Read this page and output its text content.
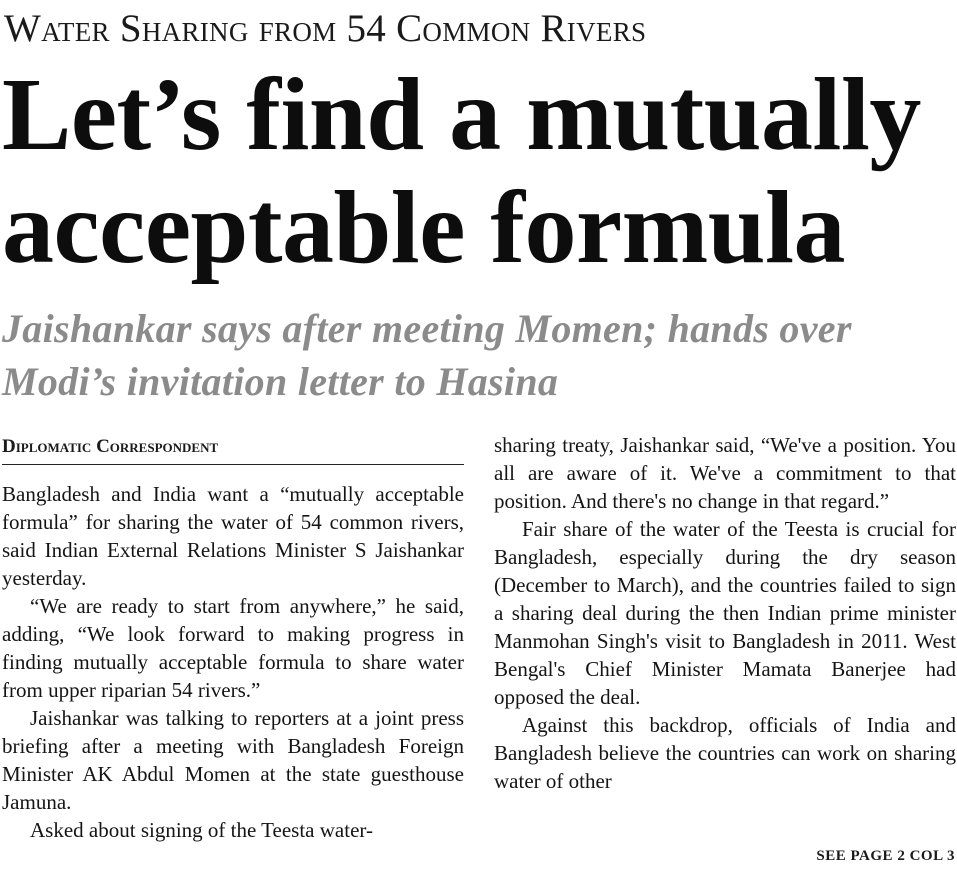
Water Sharing from 54 Common Rivers
Let’s find a mutually
acceptable formula
Jaishankar says after meeting Momen; hands over
Modi’s invitation letter to Hasina
Diplomatic Correspondent

Bangladesh and India want a “mutually acceptable formula” for sharing the water of 54 common rivers, said Indian External Relations Minister S Jaishankar yesterday.

“We are ready to start from anywhere,” he said, adding, “We look forward to making progress in finding mutually acceptable formula to share water from upper riparian 54 rivers.”

Jaishankar was talking to reporters at a joint press briefing after a meeting with Bangladesh Foreign Minister AK Abdul Momen at the state guesthouse Jamuna.

Asked about signing of the Teesta water-

sharing treaty, Jaishankar said, “We've a position. You all are aware of it. We've a commitment to that position. And there's no change in that regard.”

Fair share of the water of the Teesta is crucial for Bangladesh, especially during the dry season (December to March), and the countries failed to sign a sharing deal during the then Indian prime minister Manmohan Singh's visit to Bangladesh in 2011. West Bengal's Chief Minister Mamata Banerjee had opposed the deal.

Against this backdrop, officials of India and Bangladesh believe the countries can work on sharing water of other

SEE PAGE 2 COL 3
